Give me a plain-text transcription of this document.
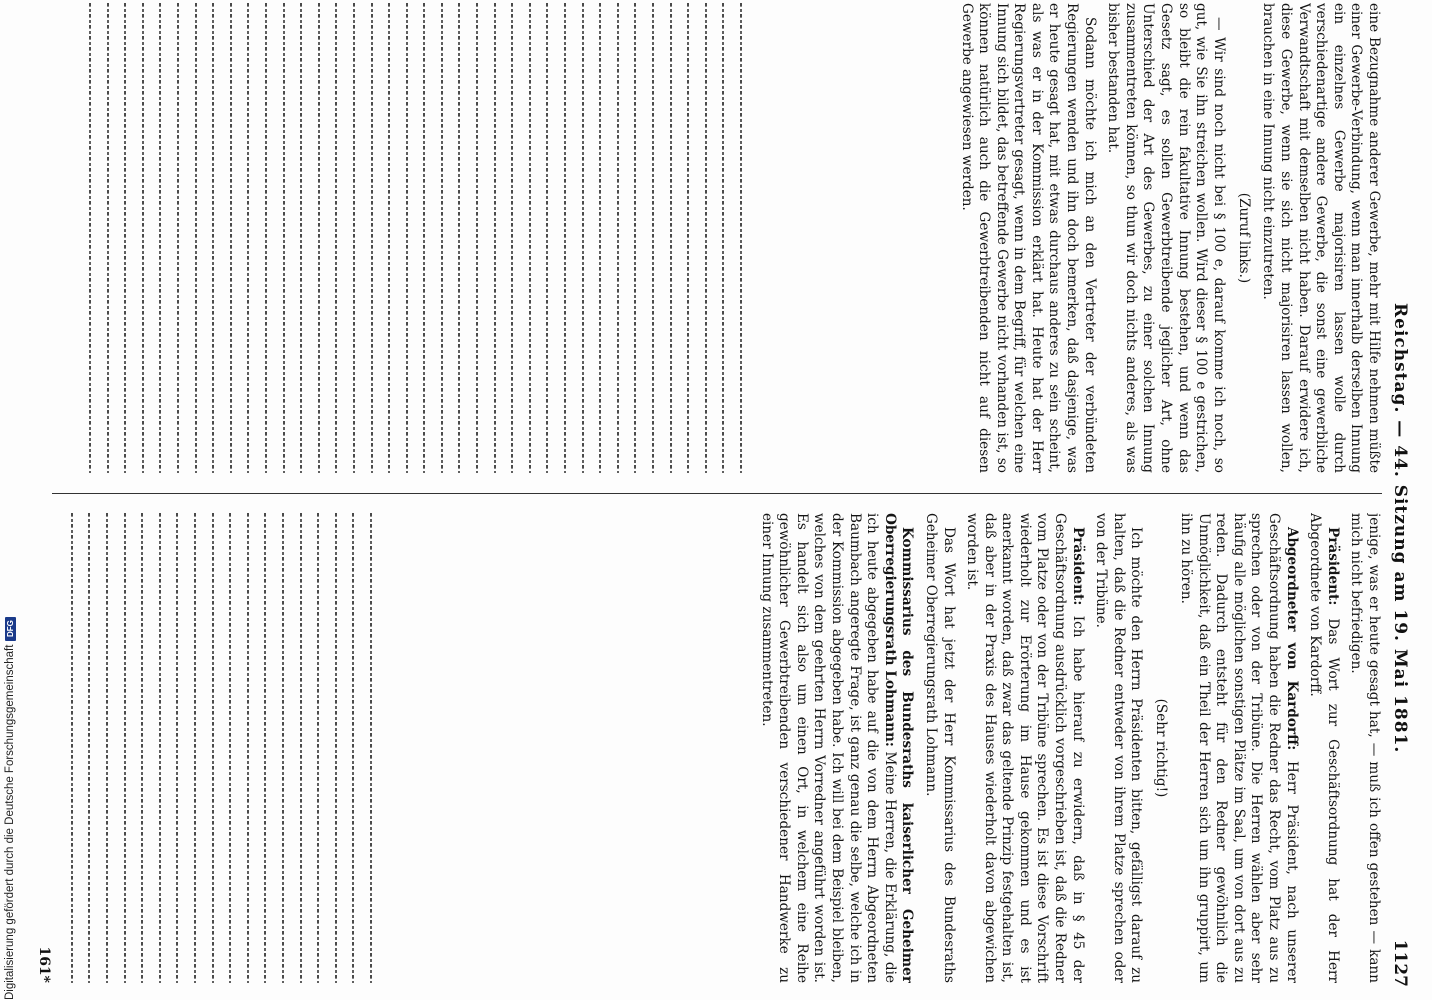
Reichstag. — 44. Sitzung am 19. Mai 1881.
1127

eine Bezugnahme anderer Gewerbe, mehr mit Hilfe nehmen müßte einer Gewerbe-Verbindung, wenn man innerhalb derselben Innung ein einzelnes Gewerbe majorisiren lassen wolle durch verschiedenartige andere Gewerbe, die sonst eine gewerbliche Verwandtschaft mit demselben nicht haben. Darauf erwidere ich, diese Gewerbe, wenn sie sich nicht majorisiren lassen wollen, brauchen in eine Innung nicht einzutreten.

(Zuruf links.)

— Wir sind noch nicht bei § 100 e, darauf komme ich noch, so gut, wie Sie ihn streichen wollen. Wird dieser § 100 e gestrichen, so bleibt die rein fakultative Innung bestehen, und wenn das Gesetz sagt, es sollen Gewerbtreibende jeglicher Art, ohne Unterschied der Art des Gewerbes, zu einer solchen Innung zusammentreten können, so thun wir doch nichts anderes, als was bisher bestanden hat.

Sodann möchte ich mich an den Vertreter der verbündeten Regierungen wenden und ihn doch bemerken, daß dasjenige, was er heute gesagt hat, mit etwas durchaus anderes zu sein scheint, als was er in der Kommission erklärt hat. Heute hat der Herr Regierungsvertreter gesagt, wenn in dem Begriff, für welchen eine Innung sich bildet, das betreffende Gewerbe nicht vorhanden ist, so können natürlich auch die Gewerbtreibenden nicht auf diesen Gewerbe angewiesen werden.

jenige, was er heute gesagt hat, — muß ich offen gestehen — kann mich nicht befriedigen.

Präsident: Das Wort zur Geschäftsordnung hat der Herr Abgeordnete von Kardorff.

Abgeordneter von Kardorff: Herr Präsident, nach unserer Geschäftsordnung haben die Redner das Recht, vom Platz aus zu sprechen oder von der Tribüne. Die Herren wählen aber sehr häufig alle möglichen sonstigen Plätze im Saal, um von dort aus zu reden. Dadurch entsteht für den Redner gewöhnlich die Unmöglichkeit, daß ein Theil der Herren sich um ihn gruppirt, um ihn zu hören.

(Sehr richtig!)

Ich möchte den Herrn Präsidenten bitten, gefälligst darauf zu halten, daß die Redner entweder von ihrem Platze sprechen oder von der Tribüne.

Präsident: Ich habe hierauf zu erwidern, daß in § 45 der Geschäftsordnung ausdrücklich vorgeschrieben ist, daß die Redner vom Platze oder von der Tribüne sprechen. Es ist diese Vorschrift wiederholt zur Erörterung im Hause gekommen und es ist anerkannt worden, daß zwar das geltende Prinzip festgehalten ist, daß aber in der Praxis des Hauses wiederholt davon abgewichen worden ist.

Das Wort hat jetzt der Herr Kommissarius des Bundesraths Geheimer Oberregierungsrath Lohmann.

Kommissarius des Bundesraths kaiserlicher Geheimer Oberregierungsrath Lohmann: Meine Herren, die Erklärung, die ich heute abgegeben habe auf die von dem Herrn Abgeordneten Baumbach angeregte Frage, ist ganz genau die selbe, welche ich in der Kommission abgegeben habe. Ich will bei dem Beispiel bleiben, welches von dem geehrten Herrn Vorredner angeführt worden ist. Es handelt sich also um einen Ort, in welchem eine Reihe gewöhnlicher Gewerbtreibenden verschiedener Handwerke zu einer Innung zusammentreten.

161*
Digitalisierung gefördert durch die Deutsche Forschungsgemeinschaft
DFG
